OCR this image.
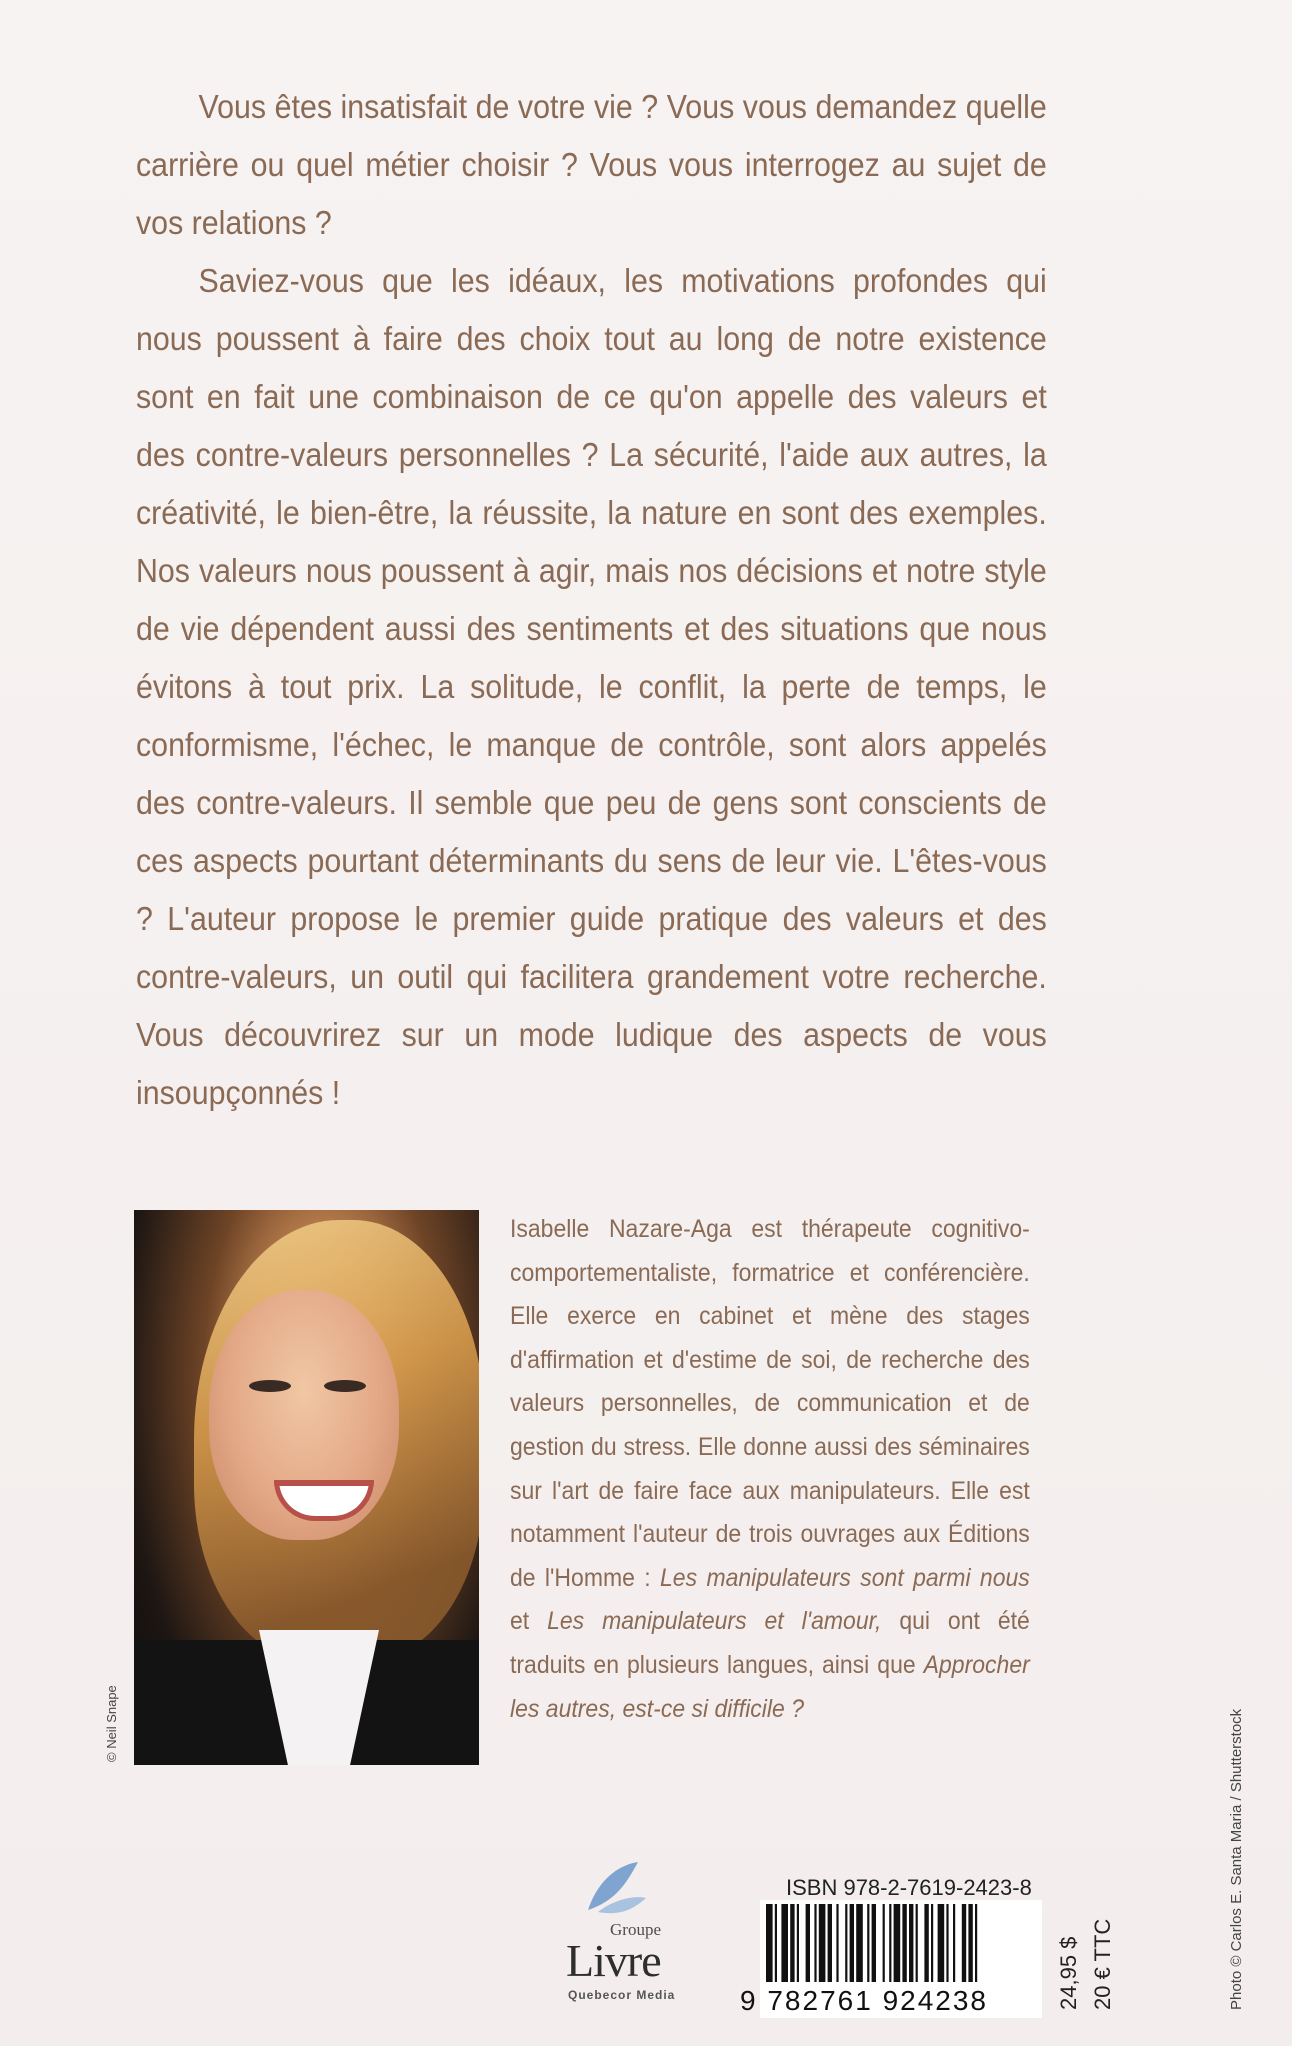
Vous êtes insatisfait de votre vie ? Vous vous demandez quelle carrière ou quel métier choisir ? Vous vous interrogez au sujet de vos relations ?

Saviez-vous que les idéaux, les motivations profondes qui nous poussent à faire des choix tout au long de notre existence sont en fait une combinaison de ce qu'on appelle des valeurs et des contre-valeurs personnelles ? La sécurité, l'aide aux autres, la créativité, le bien-être, la réussite, la nature en sont des exemples. Nos valeurs nous poussent à agir, mais nos décisions et notre style de vie dépendent aussi des sentiments et des situations que nous évitons à tout prix. La solitude, le conflit, la perte de temps, le conformisme, l'échec, le manque de contrôle, sont alors appelés des contre-valeurs. Il semble que peu de gens sont conscients de ces aspects pourtant déterminants du sens de leur vie. L'êtes-vous ? L'auteur propose le premier guide pratique des valeurs et des contre-valeurs, un outil qui facilitera grandement votre recherche. Vous découvrirez sur un mode ludique des aspects de vous insoupçonnés !

© Neil Snape
Isabelle Nazare-Aga est thérapeute cognitivo-comportementaliste, formatrice et conférencière. Elle exerce en cabinet et mène des stages d'affirmation et d'estime de soi, de recherche des valeurs personnelles, de communication et de gestion du stress. Elle donne aussi des séminaires sur l'art de faire face aux manipulateurs. Elle est notamment l'auteur de trois ouvrages aux Éditions de l'Homme : Les manipulateurs sont parmi nous et Les manipulateurs et l'amour, qui ont été traduits en plusieurs langues, ainsi que Approcher les autres, est-ce si difficile ?
Groupe
Livre
Quebecor Media
ISBN 978-2-7619-2423-8
9 782761 924238	24,95 $ 20 € TTC	Photo © Carlos E. Santa Maria / Shutterstock
